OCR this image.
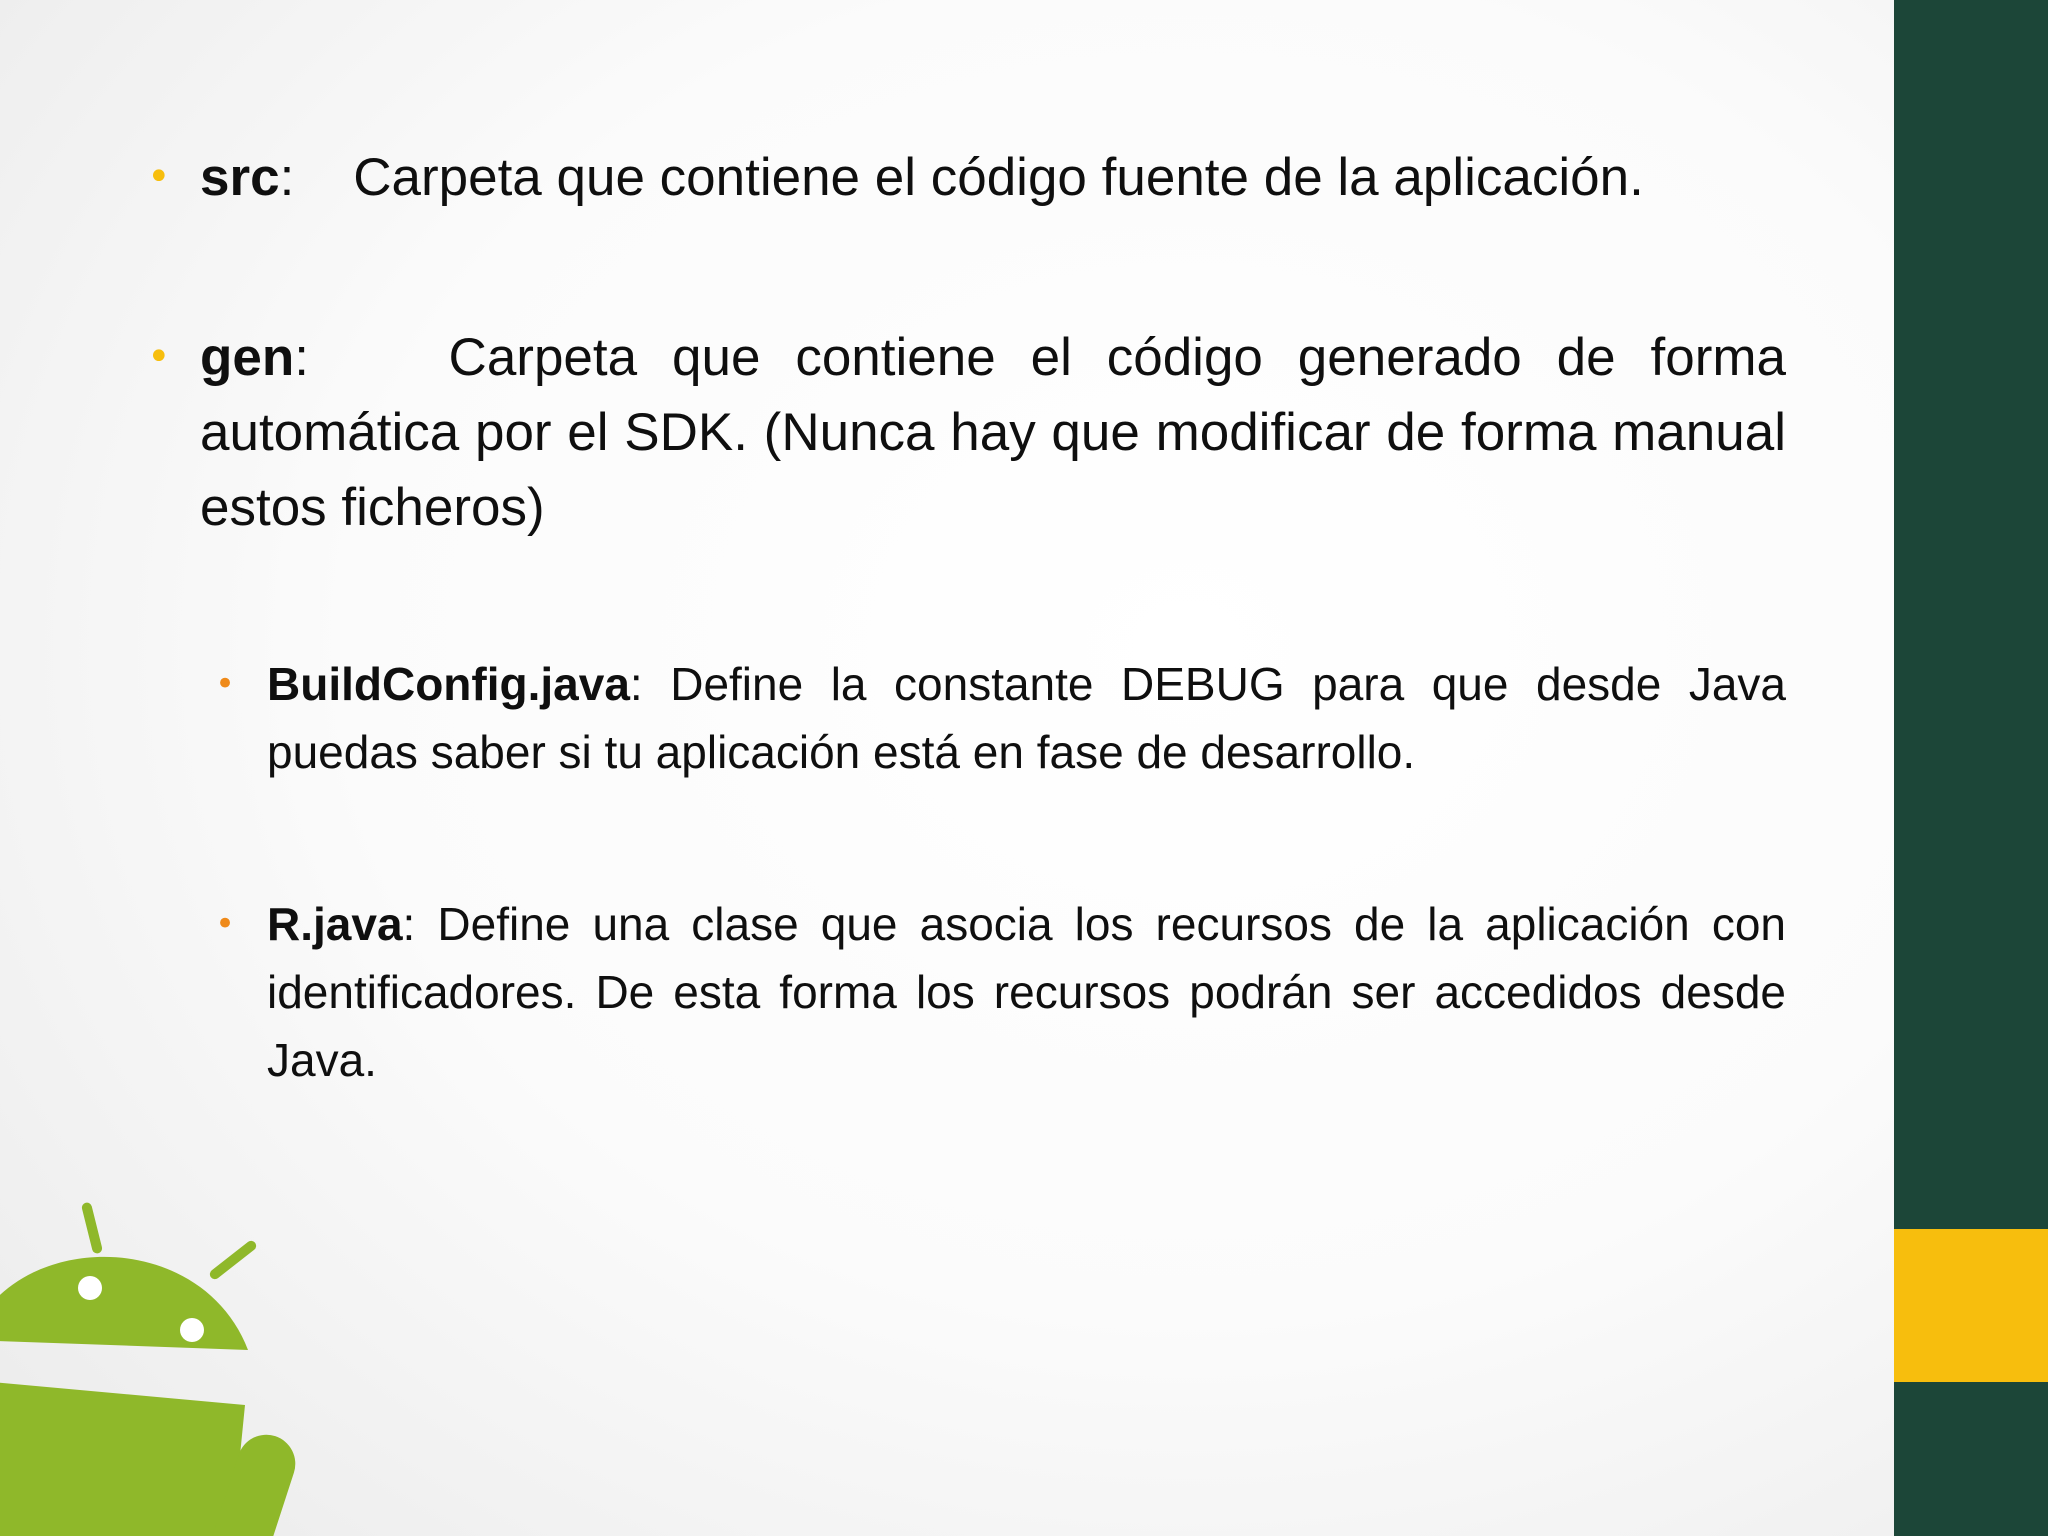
• src: Carpeta que contiene el código fuente de la aplicación.
• gen:	Carpeta que contiene el código generado de forma automática por el SDK. (Nunca hay que modificar de forma manual estos ficheros)
• BuildConfig.java: Define la constante DEBUG para que desde Java puedas saber si tu aplicación está en fase de desarrollo.
• R.java: Define una clase que asocia los recursos de la aplicación con identificadores. De esta forma los recursos podrán ser accedidos desde Java.
